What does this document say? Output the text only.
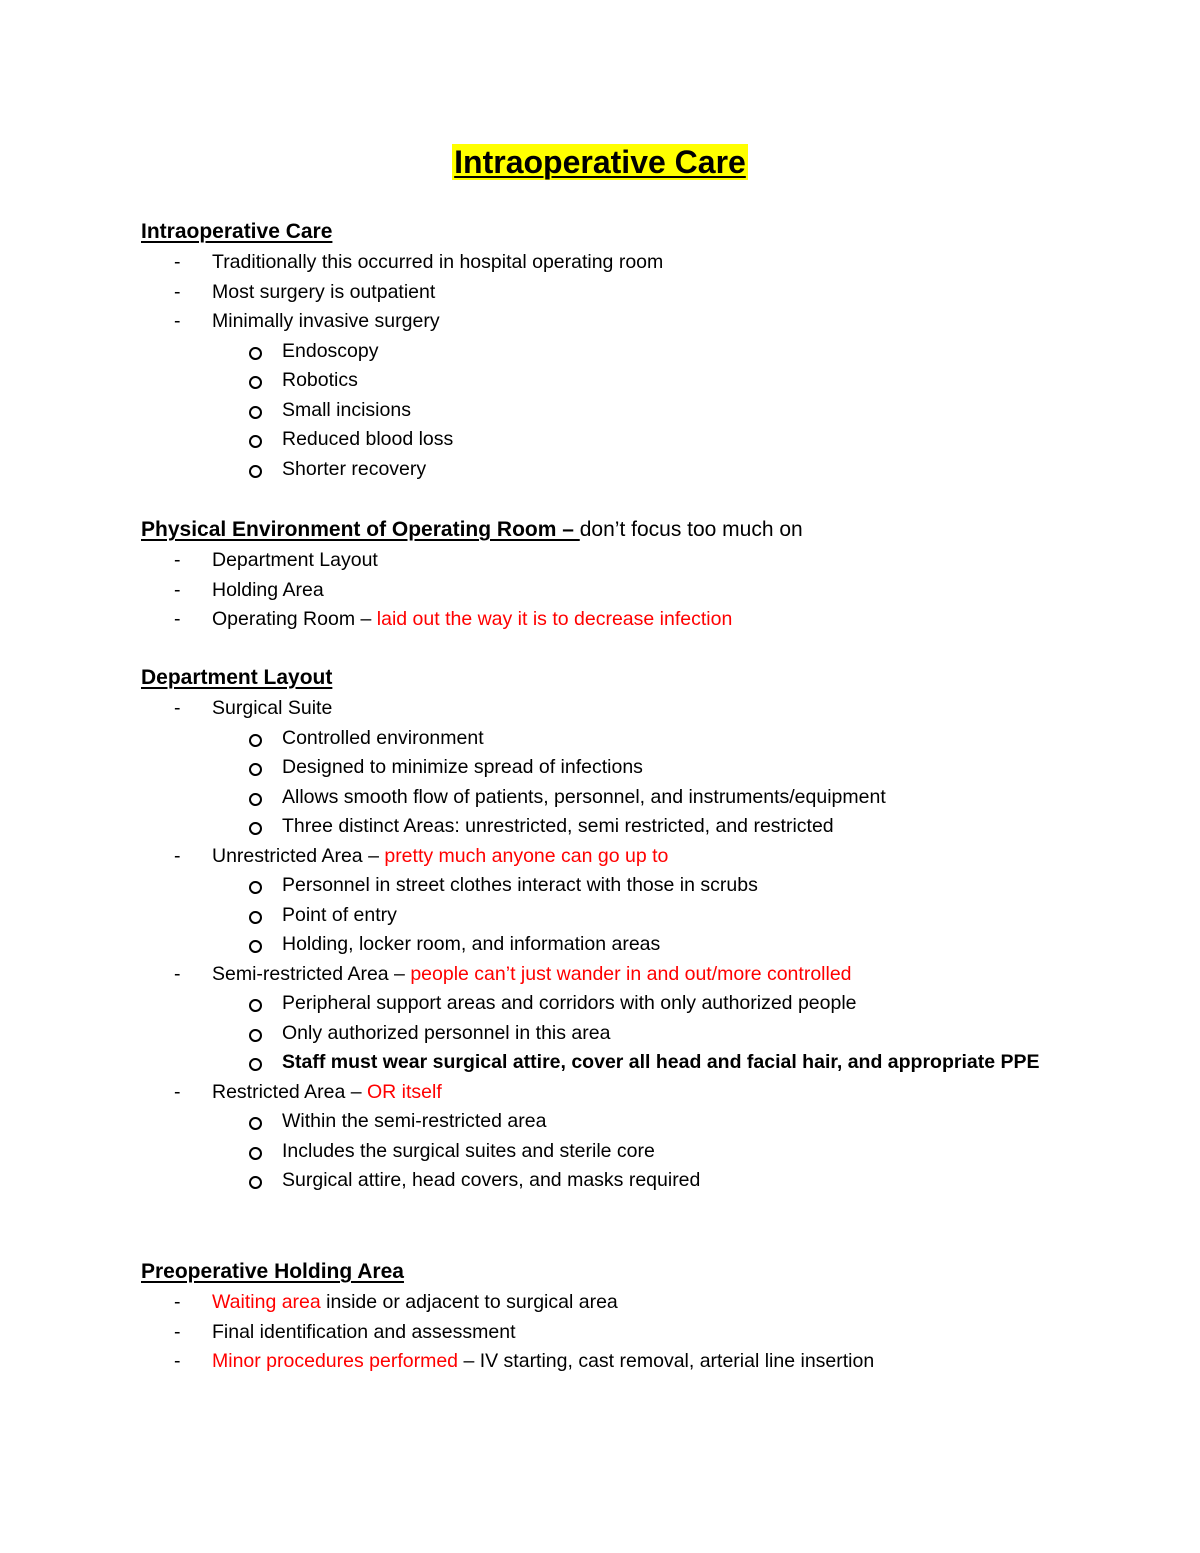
Intraoperative Care
Intraoperative Care
- Traditionally this occurred in hospital operating room
- Most surgery is outpatient
- Minimally invasive surgery
Endoscopy
Robotics
Small incisions
Reduced blood loss
Shorter recovery
Physical Environment of Operating Room – don’t focus too much on
- Department Layout
- Holding Area
- Operating Room – laid out the way it is to decrease infection
Department Layout
- Surgical Suite
Controlled environment
Designed to minimize spread of infections
Allows smooth flow of patients, personnel, and instruments/equipment
Three distinct Areas: unrestricted, semi restricted, and restricted
- Unrestricted Area – pretty much anyone can go up to
Personnel in street clothes interact with those in scrubs
Point of entry
Holding, locker room, and information areas
- Semi-restricted Area – people can’t just wander in and out/more controlled
Peripheral support areas and corridors with only authorized people
Only authorized personnel in this area
Staff must wear surgical attire, cover all head and facial hair, and appropriate PPE
- Restricted Area – OR itself
Within the semi-restricted area
Includes the surgical suites and sterile core
Surgical attire, head covers, and masks required
Preoperative Holding Area
- Waiting area inside or adjacent to surgical area
- Final identification and assessment
- Minor procedures performed – IV starting, cast removal, arterial line insertion
